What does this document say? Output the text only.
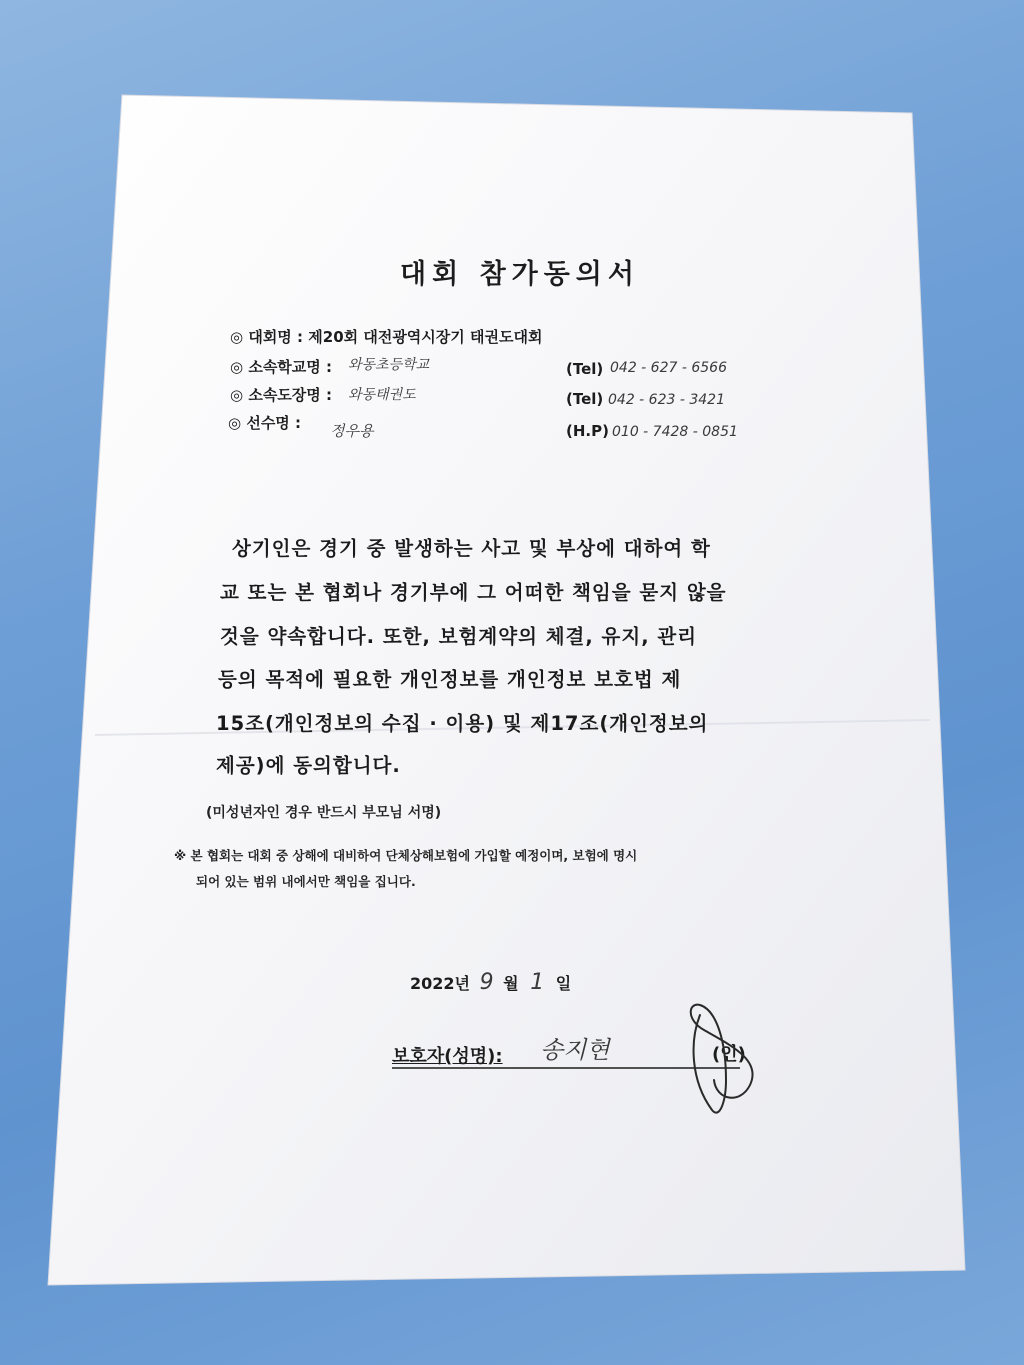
대회 참가동의서
◎ 대회명 : 제20회 대전광역시장기 태권도대회
◎ 소속학교명 : 와동초등학교	(Tel) 042 - 627 - 6566
◎ 소속도장명 : 와동태권도	(Tel) 042 - 623 - 3421
◎ 선수명 : 정우용	(H.P) 010 - 7428 - 0851
상기인은 경기 중 발생하는 사고 및 부상에 대하여 학
교 또는 본 협회나 경기부에 그 어떠한 책임을 묻지 않을
것을 약속합니다. 또한, 보험계약의 체결, 유지, 관리
등의 목적에 필요한 개인정보를 개인정보 보호법 제
15조(개인정보의 수집 · 이용) 및 제17조(개인정보의
제공)에 동의합니다.
(미성년자인 경우 반드시 부모님 서명)
※ 본 협회는 대회 중 상해에 대비하여 단체상해보험에 가입할 예정이며, 보험에 명시
되어 있는 범위 내에서만 책임을 집니다.
2022년 9 월 1 일
보호자(성명): 송지현	(인)
